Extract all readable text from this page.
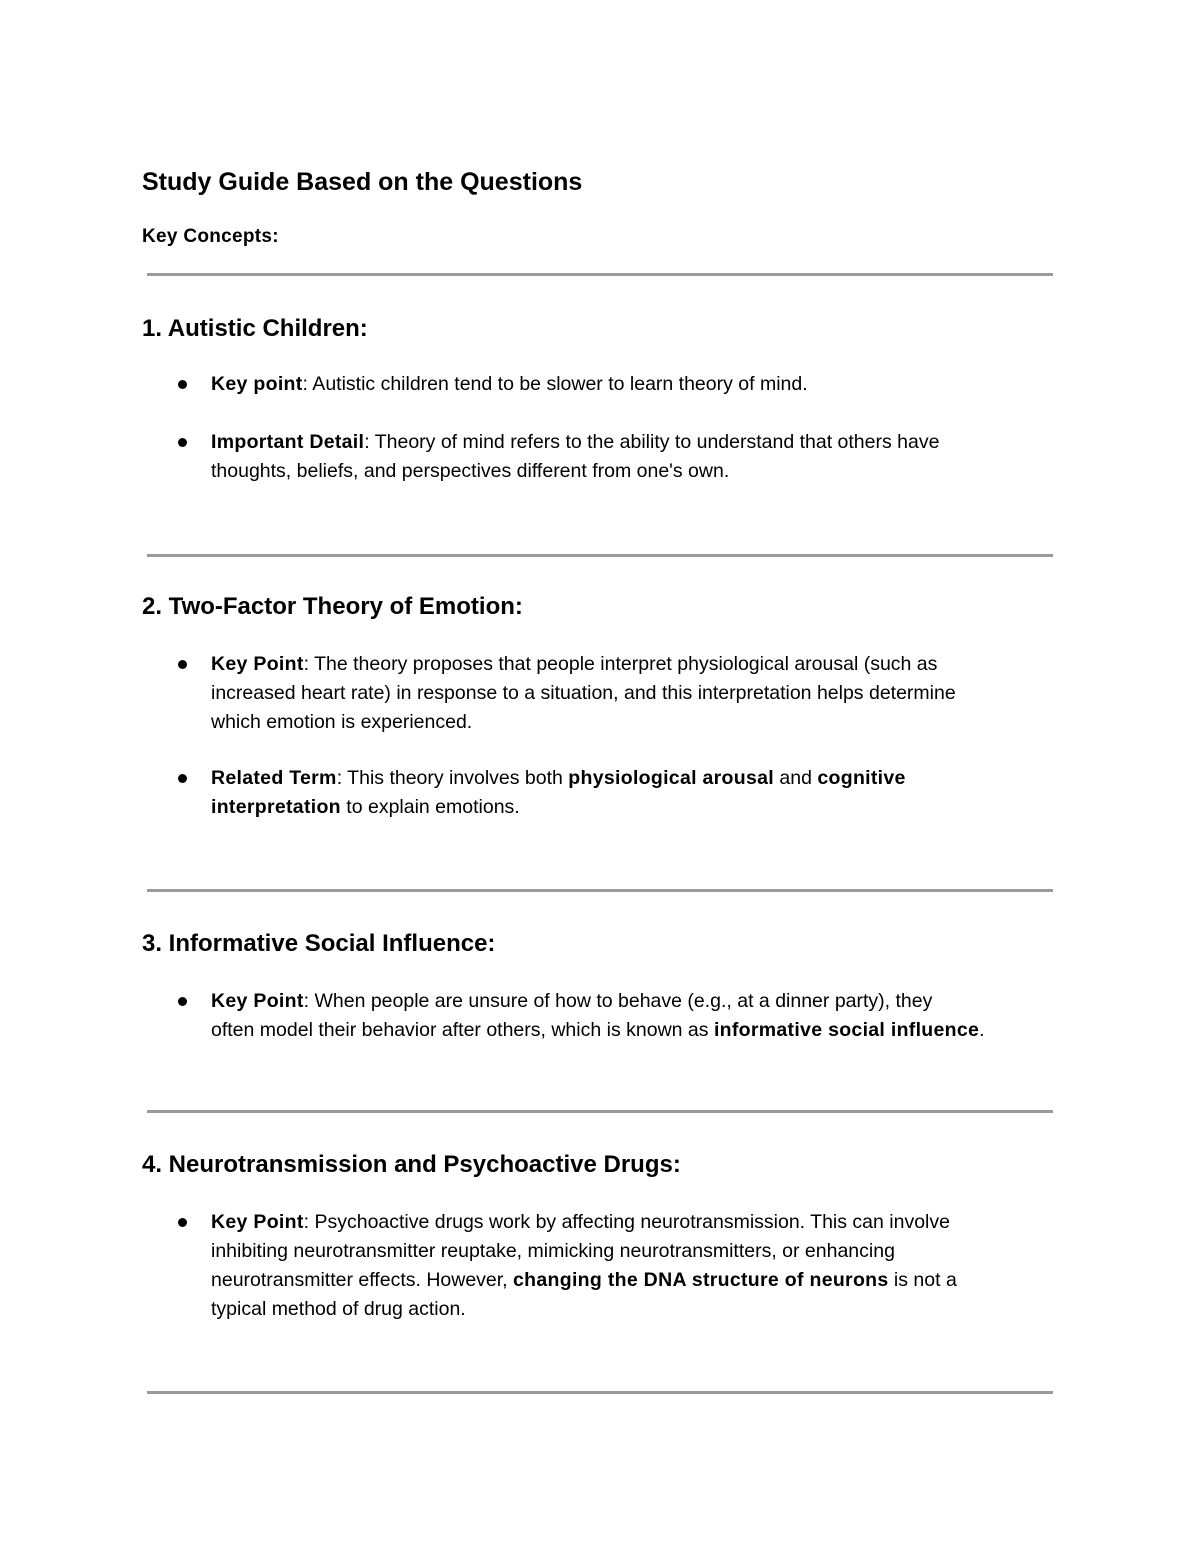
Study Guide Based on the Questions
Key Concepts:
1. Autistic Children:
Key point: Autistic children tend to be slower to learn theory of mind.
Important Detail: Theory of mind refers to the ability to understand that others have
thoughts, beliefs, and perspectives different from one's own.
2. Two-Factor Theory of Emotion:
Key Point: The theory proposes that people interpret physiological arousal (such as
increased heart rate) in response to a situation, and this interpretation helps determine
which emotion is experienced.
Related Term: This theory involves both physiological arousal and cognitive
interpretation to explain emotions.
3. Informative Social Influence:
Key Point: When people are unsure of how to behave (e.g., at a dinner party), they
often model their behavior after others, which is known as informative social influence.
4. Neurotransmission and Psychoactive Drugs:
Key Point: Psychoactive drugs work by affecting neurotransmission. This can involve
inhibiting neurotransmitter reuptake, mimicking neurotransmitters, or enhancing
neurotransmitter effects. However, changing the DNA structure of neurons is not a
typical method of drug action.
